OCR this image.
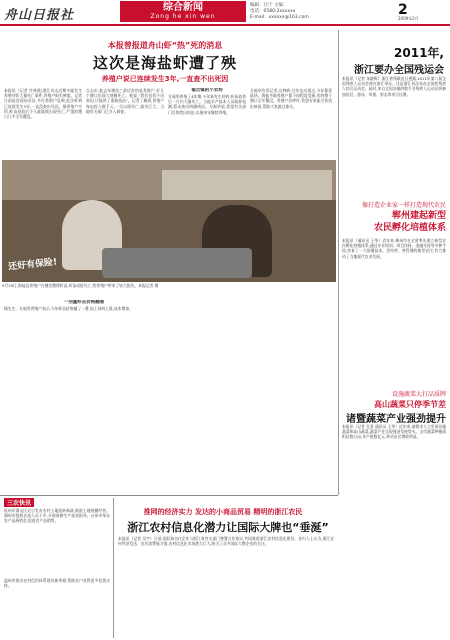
舟山日报社
综合新闻
Zong he xin wen
编辑：汪宁 主编：
电话：0580-2xxxxxx
E-mail：xxxxxx@163.com	2
2009年2月
本报曾报道舟山虾“热”死的消息
这次是海盐虾遭了殃
养殖户说已连续发生3年,一直查不出死因
本报讯（记者 许林欣)浙江舟山近期多地发生养殖对虾大量死亡事件,养殖户损失惨重。记者日前赶赴现场采访,多位养殖户反映,此次虾病已连续发生3年,一直没查出死因。据养殖户介绍,虾苗投放后不久就陆续出现死亡,严重的塘口几乎全军覆没。
点去年,他去年塘死亡最厉害的是养殖户,好几个塘口出现大规模死亡。他说,“我们也找不出原因,只能停了重新放苗”。记者了解到,养殖户每亩投入数千元,一旦出现死亡,损失巨大。当地有关部门已介入调查。
福吉镇的小农场
方福华养殖了4年塘,今年新发生虾病,虾苗放养后一月内大量死亡。当地水产技术人员取样检测,暂未查出明确病因。方福华说,希望有关部门尽快给出结论,以便来年继续养殖。
方福华告诉记者,这种病,往年也出现过,今年蔓延最快。海盐多地养殖户都不同程度受损,有的整个塘口全军覆没。养殖户们呼吁,希望专家能尽快找出病因,帮助大家渡过难关。
还好有保险!
5月29日,海盐县养殖户在塘边整理虾苗,虾苗成批死亡,给养殖户带来了较大损失。本报记者 摄
一剂量虾苗价格翻番
顾先生、方福等养殖户表示,今年虾苗价格翻了一番,加上饲料上涨,成本增加。
2011年,
浙江要办全国残运会
本报讯（记者 朱晓晖）浙江省残联近日透露,2011年第八届全国残疾人运动会将在浙江举办。这是浙江首次承办全国性残疾人综合运动会。届时,来自全国各地的数千名残疾人运动员将参加田径、游泳、举重、射击等项目比赛。
像打造企业家一样打造现代农民
郸州建起新型
农民孵化培植体系
本报讯（通讯员 王华）近年来,郸州市在全省率先建立新型农民孵化培植体系,通过专业培训、项目扶持、金融支持等多种手段,培育了一大批懂技术、会经营、善管理的新型农民,有力推动了当地现代农业发展。
设施蔬菜大打品质牌
高山蔬菜只停季节差
诸暨蔬菜产业强劲提升
本报讯（记者 孔坚 通讯员 王华）近年来,诸暨市大力发展设施蔬菜和高山蔬菜,蔬菜产业呈现强劲发展势头。全市蔬菜种植面积达数万亩,年产值数亿元,带动农民增收明显。
三农快讯
杭州市萧山区近日发布农村土地流转新政,鼓励土地规模经营。湖州市组织农技人员下乡,开展春耕生产技术指导。台州市举办农产品展销会,促进农产品销售。
温州市推出农村信用体系建设新举措,帮助农户获得更多信贷支持。
推网的经济实力 发达的小商品贸易 精明的浙江农民
浙江农村信息化潜力让国际大牌也“垂涎”
本报讯（记者 吴宇）日前,国际知名IT企业与浙江省有关部门签署合作协议,共同推进浙江农村信息化建设。业内人士认为,浙江农村经济发达、农民消费能力强,农村信息化市场潜力巨大,吸引了众多国际大牌企业的关注。
